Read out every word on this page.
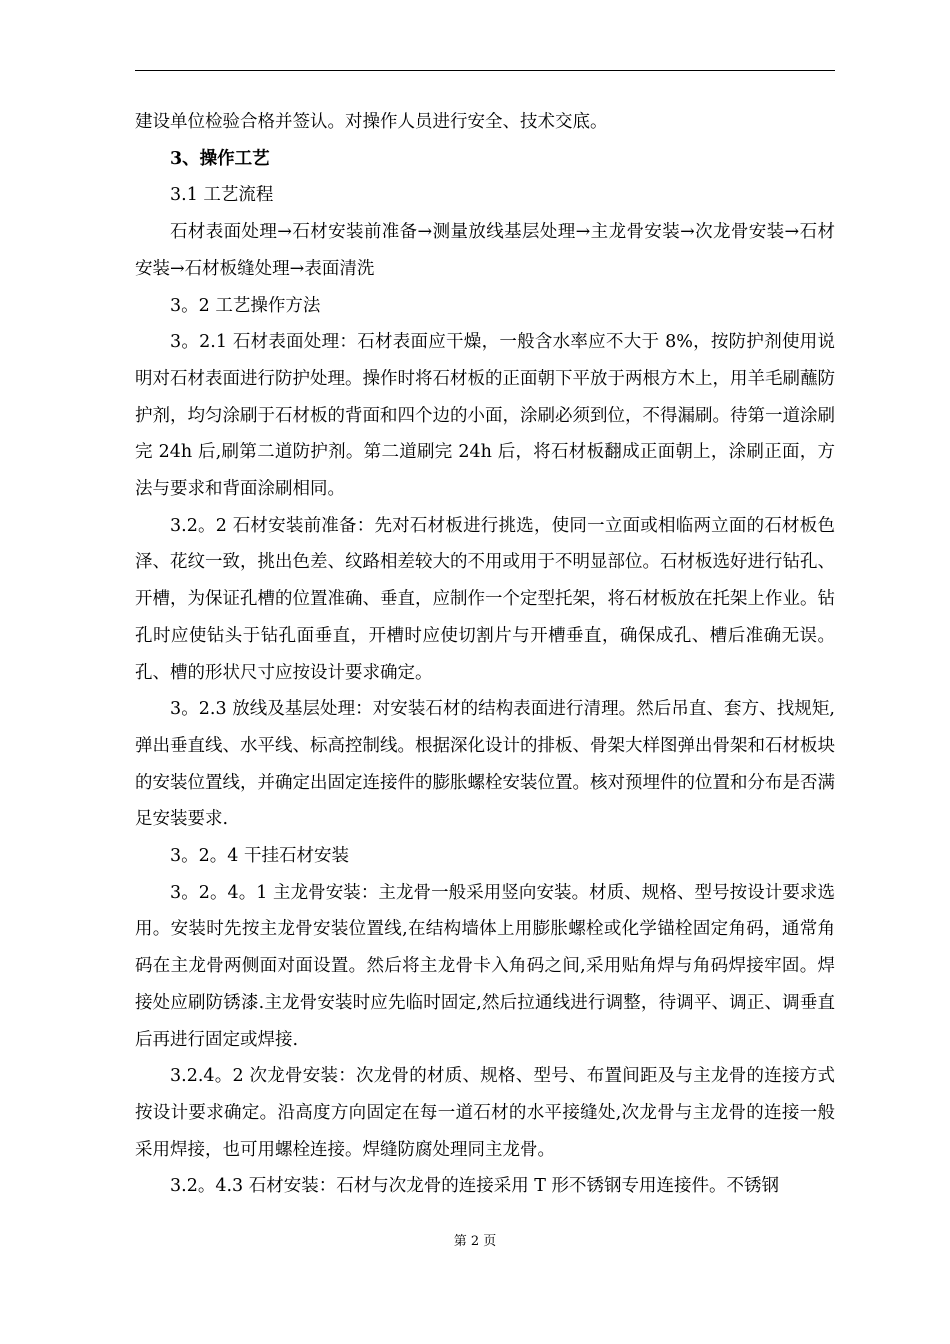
建设单位检验合格并签认。对操作人员进行安全、技术交底。

3、操作工艺

3.1 工艺流程

石材表面处理→石材安装前准备→测量放线基层处理→主龙骨安装→次龙骨安装→石材安装→石材板缝处理→表面清洗

3。2 工艺操作方法

3。2.1 石材表面处理：石材表面应干燥，一般含水率应不大于 8%，按防护剂使用说明对石材表面进行防护处理。操作时将石材板的正面朝下平放于两根方木上，用羊毛刷蘸防护剂，均匀涂刷于石材板的背面和四个边的小面，涂刷必须到位，不得漏刷。待第一道涂刷完 24h 后,刷第二道防护剂。第二道刷完 24h 后，将石材板翻成正面朝上，涂刷正面，方法与要求和背面涂刷相同。

3.2。2 石材安装前准备：先对石材板进行挑选，使同一立面或相临两立面的石材板色泽、花纹一致，挑出色差、纹路相差较大的不用或用于不明显部位。石材板选好进行钻孔、开槽，为保证孔槽的位置准确、垂直，应制作一个定型托架，将石材板放在托架上作业。钻孔时应使钻头于钻孔面垂直，开槽时应使切割片与开槽垂直，确保成孔、槽后准确无误。孔、槽的形状尺寸应按设计要求确定。

3。2.3 放线及基层处理：对安装石材的结构表面进行清理。然后吊直、套方、找规矩,弹出垂直线、水平线、标高控制线。根据深化设计的排板、骨架大样图弹出骨架和石材板块的安装位置线，并确定出固定连接件的膨胀螺栓安装位置。核对预埋件的位置和分布是否满足安装要求.

3。2。4 干挂石材安装

3。2。4。1 主龙骨安装：主龙骨一般采用竖向安装。材质、规格、型号按设计要求选用。安装时先按主龙骨安装位置线,在结构墙体上用膨胀螺栓或化学锚栓固定角码，通常角码在主龙骨两侧面对面设置。然后将主龙骨卡入角码之间,采用贴角焊与角码焊接牢固。焊接处应刷防锈漆.主龙骨安装时应先临时固定,然后拉通线进行调整，待调平、调正、调垂直后再进行固定或焊接.

3.2.4。2 次龙骨安装：次龙骨的材质、规格、型号、布置间距及与主龙骨的连接方式按设计要求确定。沿高度方向固定在每一道石材的水平接缝处,次龙骨与主龙骨的连接一般采用焊接，也可用螺栓连接。焊缝防腐处理同主龙骨。

3.2。4.3 石材安装：石材与次龙骨的连接采用 T 形不锈钢专用连接件。不锈钢

第 2 页
